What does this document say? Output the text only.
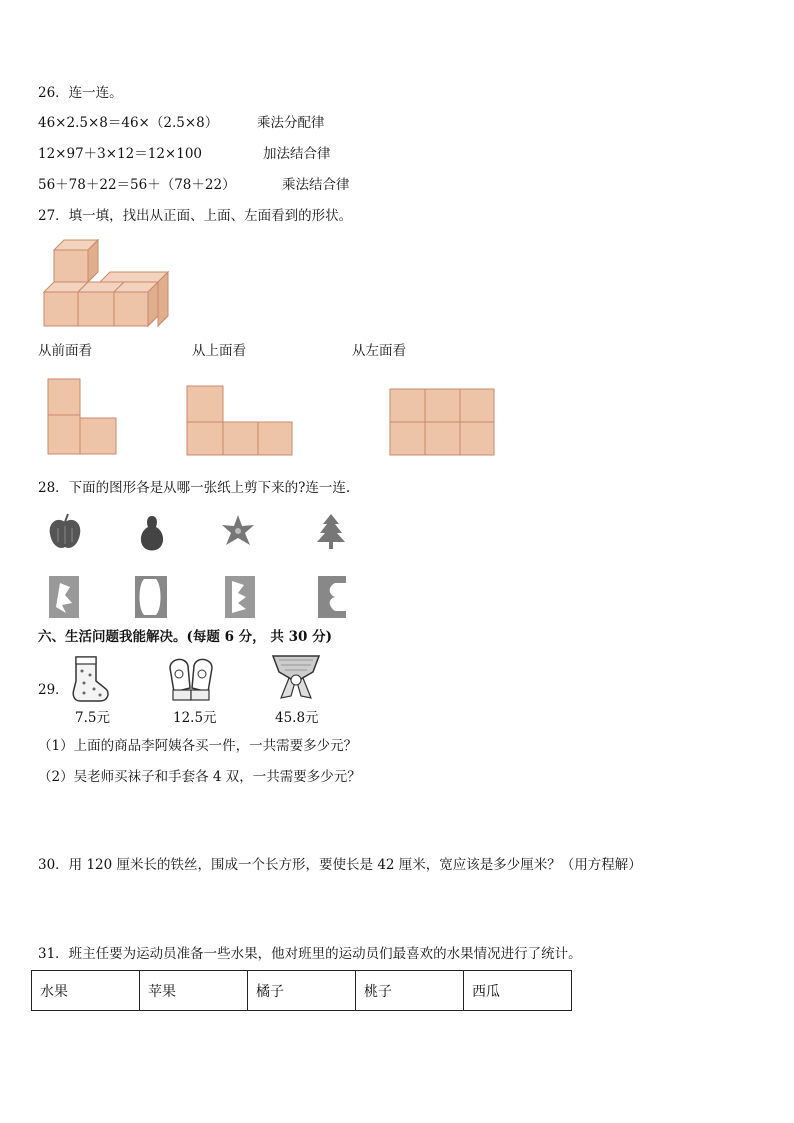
26．连一连。
46×2.5×8＝46×（2.5×8）	乘法分配律
12×97＋3×12＝12×100	加法结合律
56＋78＋22＝56＋（78＋22）	乘法结合律
27．填一填，找出从正面、上面、左面看到的形状。
从前面看	从上面看	从左面看
28．下面的图形各是从哪一张纸上剪下来的?连一连.
六、生活问题我能解决。(每题 6 分， 共 30 分)
29．
7.5元	12.5元	45.8元
（1）上面的商品李阿姨各买一件，一共需要多少元？
（2）吴老师买袜子和手套各 4 双，一共需要多少元？
30．用 120 厘米长的铁丝，围成一个长方形，要使长是 42 厘米，宽应该是多少厘米？（用方程解）
31．班主任要为运动员准备一些水果，他对班里的运动员们最喜欢的水果情况进行了统计。
水果	苹果	橘子	桃子	西瓜
